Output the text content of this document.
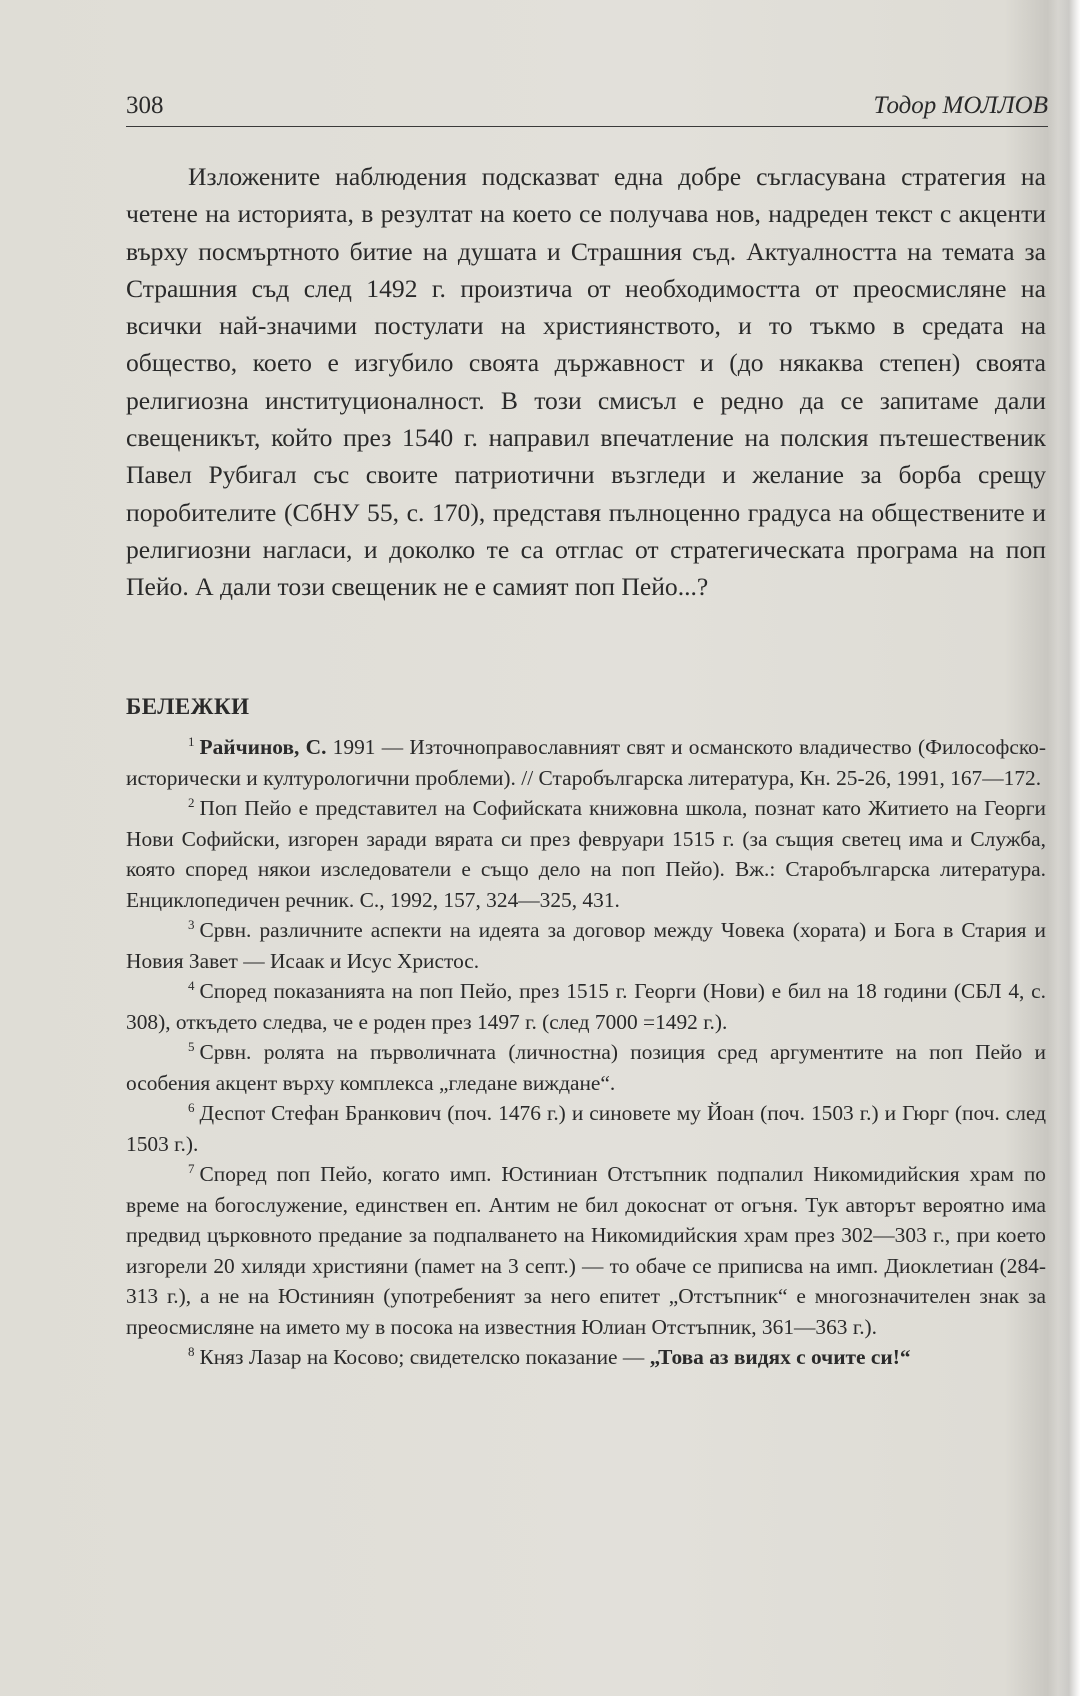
308	Тодор МОЛЛОВ

Изложените наблюдения подсказват една добре съгласувана стратегия на четене на историята, в резултат на което се получава нов, надреден текст с акценти върху посмъртното битие на душата и Страшния съд. Актуалността на темата за Страшния съд след 1492 г. произтича от необходимостта от преосмисляне на всички най-значими постулати на християнството, и то тъкмо в средата на общество, което е изгубило своята държавност и (до някаква степен) своята религиозна институционалност. В този смисъл е редно да се запитаме дали свещеникът, който през 1540 г. направил впечатление на полския пътешественик Павел Рубигал със своите патриотични възгледи и желание за борба срещу поробителите (СбНУ 55, с. 170), представя пълноценно градуса на обществените и религиозни нагласи, и доколко те са отглас от стратегическата програма на поп Пейо. А дали този свещеник не е самият поп Пейо...?

БЕЛЕЖКИ

$^1$ Райчинов, С. 1991 — Източноправославният свят и османското владичество (Философско-исторически и културологични проблеми). // Старобългарска литература, Кн. 25-26, 1991, 167—172.

$^2$ Поп Пейо е представител на Софийската книжовна школа, познат като Житието на Георги Нови Софийски, изгорен заради вярата си през февруари 1515 г. (за същия светец има и Служба, която според някои изследователи е също дело на поп Пейо). Вж.: Старобългарска литература. Енциклопедичен речник. С., 1992, 157, 324—325, 431.

$^3$ Срвн. различните аспекти на идеята за договор между Човека (хората) и Бога в Стария и Новия Завет — Исаак и Исус Христос.

$^4$ Според показанията на поп Пейо, през 1515 г. Георги (Нови) е бил на 18 години (СБЛ 4, с. 308), откъдето следва, че е роден през 1497 г. (след 7000 =1492 г.).

$^5$ Срвн. ролята на първоличната (личностна) позиция сред аргументите на поп Пейо и особения акцент върху комплекса „гледане виждане“.

$^6$ Деспот Стефан Бранкович (поч. 1476 г.) и синовете му Йоан (поч. 1503 г.) и Гюрг (поч. след 1503 г.).

$^7$ Според поп Пейо, когато имп. Юстиниан Отстъпник подпалил Никомидийския храм по време на богослужение, единствен еп. Антим не бил докоснат от огъня. Тук авторът вероятно има предвид църковното предание за подпалването на Никомидийския храм през 302—303 г., при което изгорели 20 хиляди християни (памет на 3 септ.) — то обаче се приписва на имп. Диоклетиан (284-313 г.), а не на Юстиниян (употребеният за него епитет „Отстъпник“ е многозначителен знак за преосмисляне на името му в посока на известния Юлиан Отстъпник, 361—363 г.).

$^8$ Княз Лазар на Косово; свидетелско показание — „Това аз видях с очите си!“
